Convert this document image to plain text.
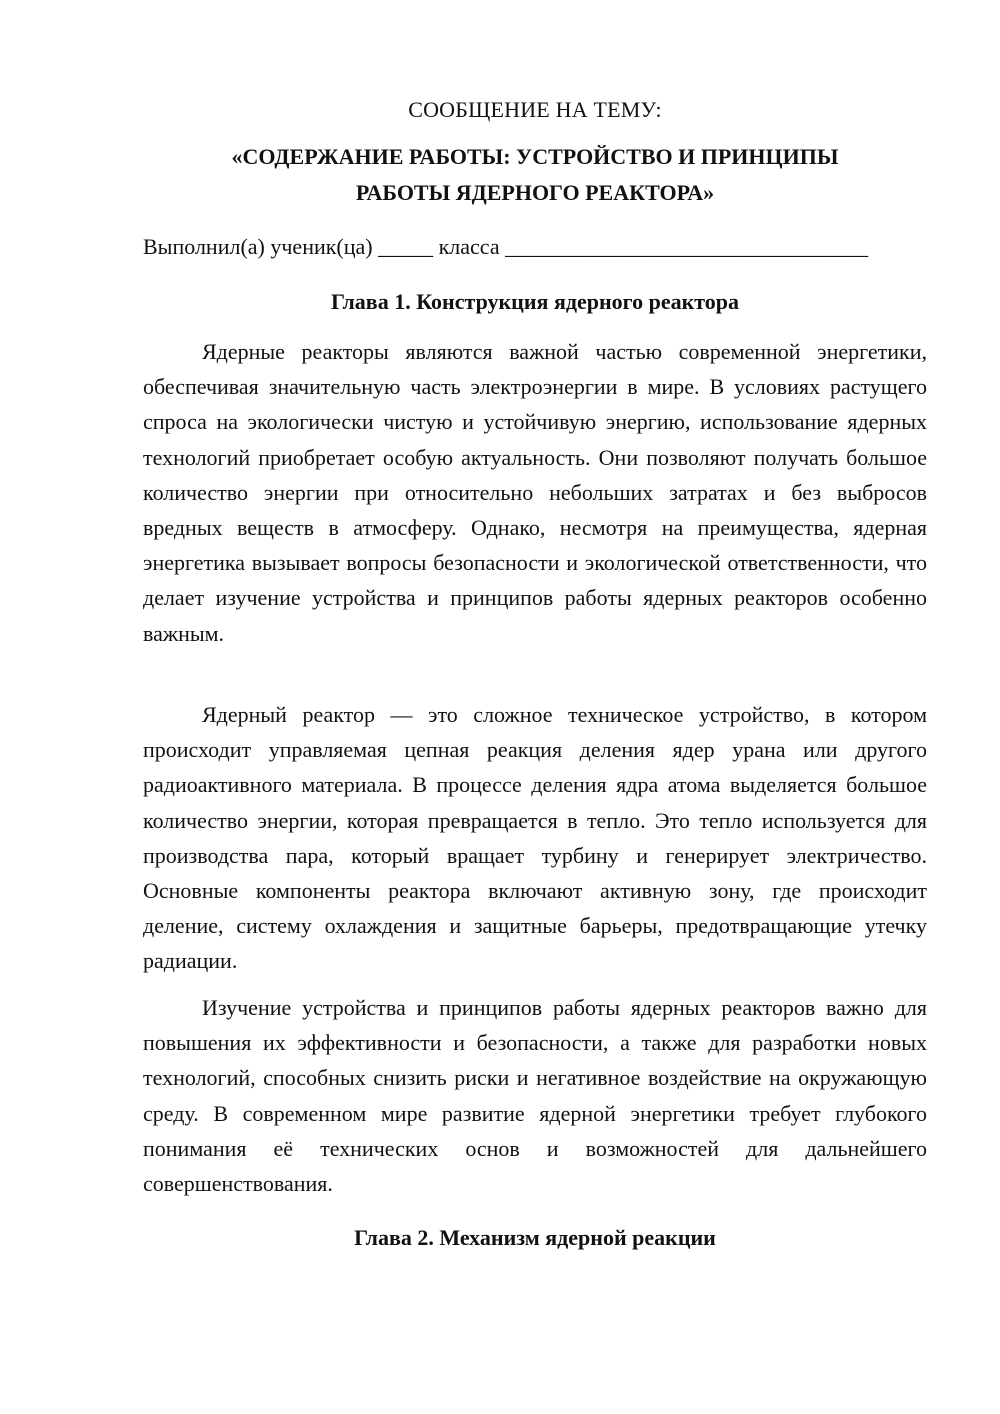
СООБЩЕНИЕ НА ТЕМУ:
«СОДЕРЖАНИЕ РАБОТЫ: УСТРОЙСТВО И ПРИНЦИПЫ
РАБОТЫ ЯДЕРНОГО РЕАКТОРА»
Выполнил(а) ученик(ца) _____ класса _________________________________
Глава 1. Конструкция ядерного реактора

Ядерные реакторы являются важной частью современной энергетики, обеспечивая значительную часть электроэнергии в мире. В условиях растущего спроса на экологически чистую и устойчивую энергию, использование ядерных технологий приобретает особую актуальность. Они позволяют получать большое количество энергии при относительно небольших затратах и без выбросов вредных веществ в атмосферу. Однако, несмотря на преимущества, ядерная энергетика вызывает вопросы безопасности и экологической ответственности, что делает изучение устройства и принципов работы ядерных реакторов особенно важным.

Ядерный реактор — это сложное техническое устройство, в котором происходит управляемая цепная реакция деления ядер урана или другого радиоактивного материала. В процессе деления ядра атома выделяется большое количество энергии, которая превращается в тепло. Это тепло используется для производства пара, который вращает турбину и генерирует электричество. Основные компоненты реактора включают активную зону, где происходит деление, систему охлаждения и защитные барьеры, предотвращающие утечку радиации.

Изучение устройства и принципов работы ядерных реакторов важно для повышения их эффективности и безопасности, а также для разработки новых технологий, способных снизить риски и негативное воздействие на окружающую среду. В современном мире развитие ядерной энергетики требует глубокого понимания её технических основ и возможностей для дальнейшего совершенствования.

Глава 2. Механизм ядерной реакции
